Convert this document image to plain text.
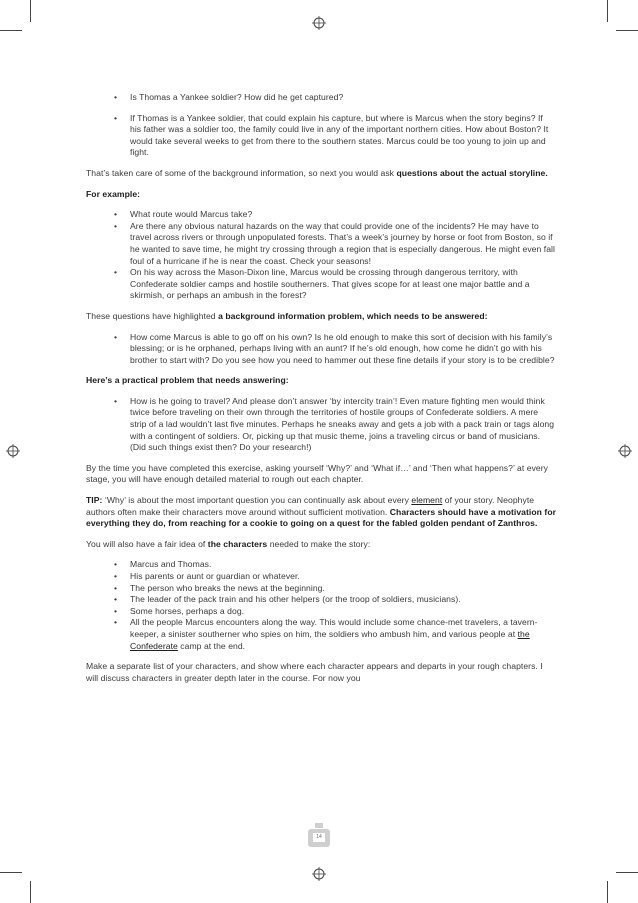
• Is Thomas a Yankee soldier? How did he get captured?
• If Thomas is a Yankee soldier, that could explain his capture, but where is Marcus when the story begins? If his father was a soldier too, the family could live in any of the important northern cities. How about Boston? It would take several weeks to get from there to the southern states. Marcus could be too young to join up and fight.

That’s taken care of some of the background information, so next you would ask questions about the actual storyline.

For example:

• What route would Marcus take?
• Are there any obvious natural hazards on the way that could provide one of the incidents? He may have to travel across rivers or through unpopulated forests. That’s a week’s journey by horse or foot from Boston, so if he wanted to save time, he might try crossing through a region that is especially dangerous. He might even fall foul of a hurricane if he is near the coast. Check your seasons!
• On his way across the Mason-Dixon line, Marcus would be crossing through dangerous territory, with Confederate soldier camps and hostile southerners. That gives scope for at least one major battle and a skirmish, or perhaps an ambush in the forest?

These questions have highlighted a background information problem, which needs to be answered:

• How come Marcus is able to go off on his own? Is he old enough to make this sort of decision with his family’s blessing; or is he orphaned, perhaps living with an aunt? If he’s old enough, how come he didn’t go with his brother to start with? Do you see how you need to hammer out these fine details if your story is to be credible?

Here’s a practical problem that needs answering:

• How is he going to travel? And please don’t answer ‘by intercity train’! Even mature fighting men would think twice before traveling on their own through the territories of hostile groups of Confederate soldiers. A mere strip of a lad wouldn’t last five minutes. Perhaps he sneaks away and gets a job with a pack train or tags along with a contingent of soldiers. Or, picking up that music theme, joins a traveling circus or band of musicians. (Did such things exist then? Do your research!)

By the time you have completed this exercise, asking yourself ‘Why?’ and ‘What if…’ and ‘Then what happens?’ at every stage, you will have enough detailed material to rough out each chapter.

TIP: ‘Why’ is about the most important question you can continually ask about every element of your story. Neophyte authors often make their characters move around without sufficient motivation. Characters should have a motivation for everything they do, from reaching for a cookie to going on a quest for the fabled golden pendant of Zanthros.

You will also have a fair idea of the characters needed to make the story:

• Marcus and Thomas.
• His parents or aunt or guardian or whatever.
• The person who breaks the news at the beginning.
• The leader of the pack train and his other helpers (or the troop of soldiers, musicians).
• Some horses, perhaps a dog.
• All the people Marcus encounters along the way. This would include some chance-met travelers, a tavern-keeper, a sinister southerner who spies on him, the soldiers who ambush him, and various people at the Confederate camp at the end.

Make a separate list of your characters, and show where each character appears and departs in your rough chapters. I will discuss characters in greater depth later in the course. For now you

14
